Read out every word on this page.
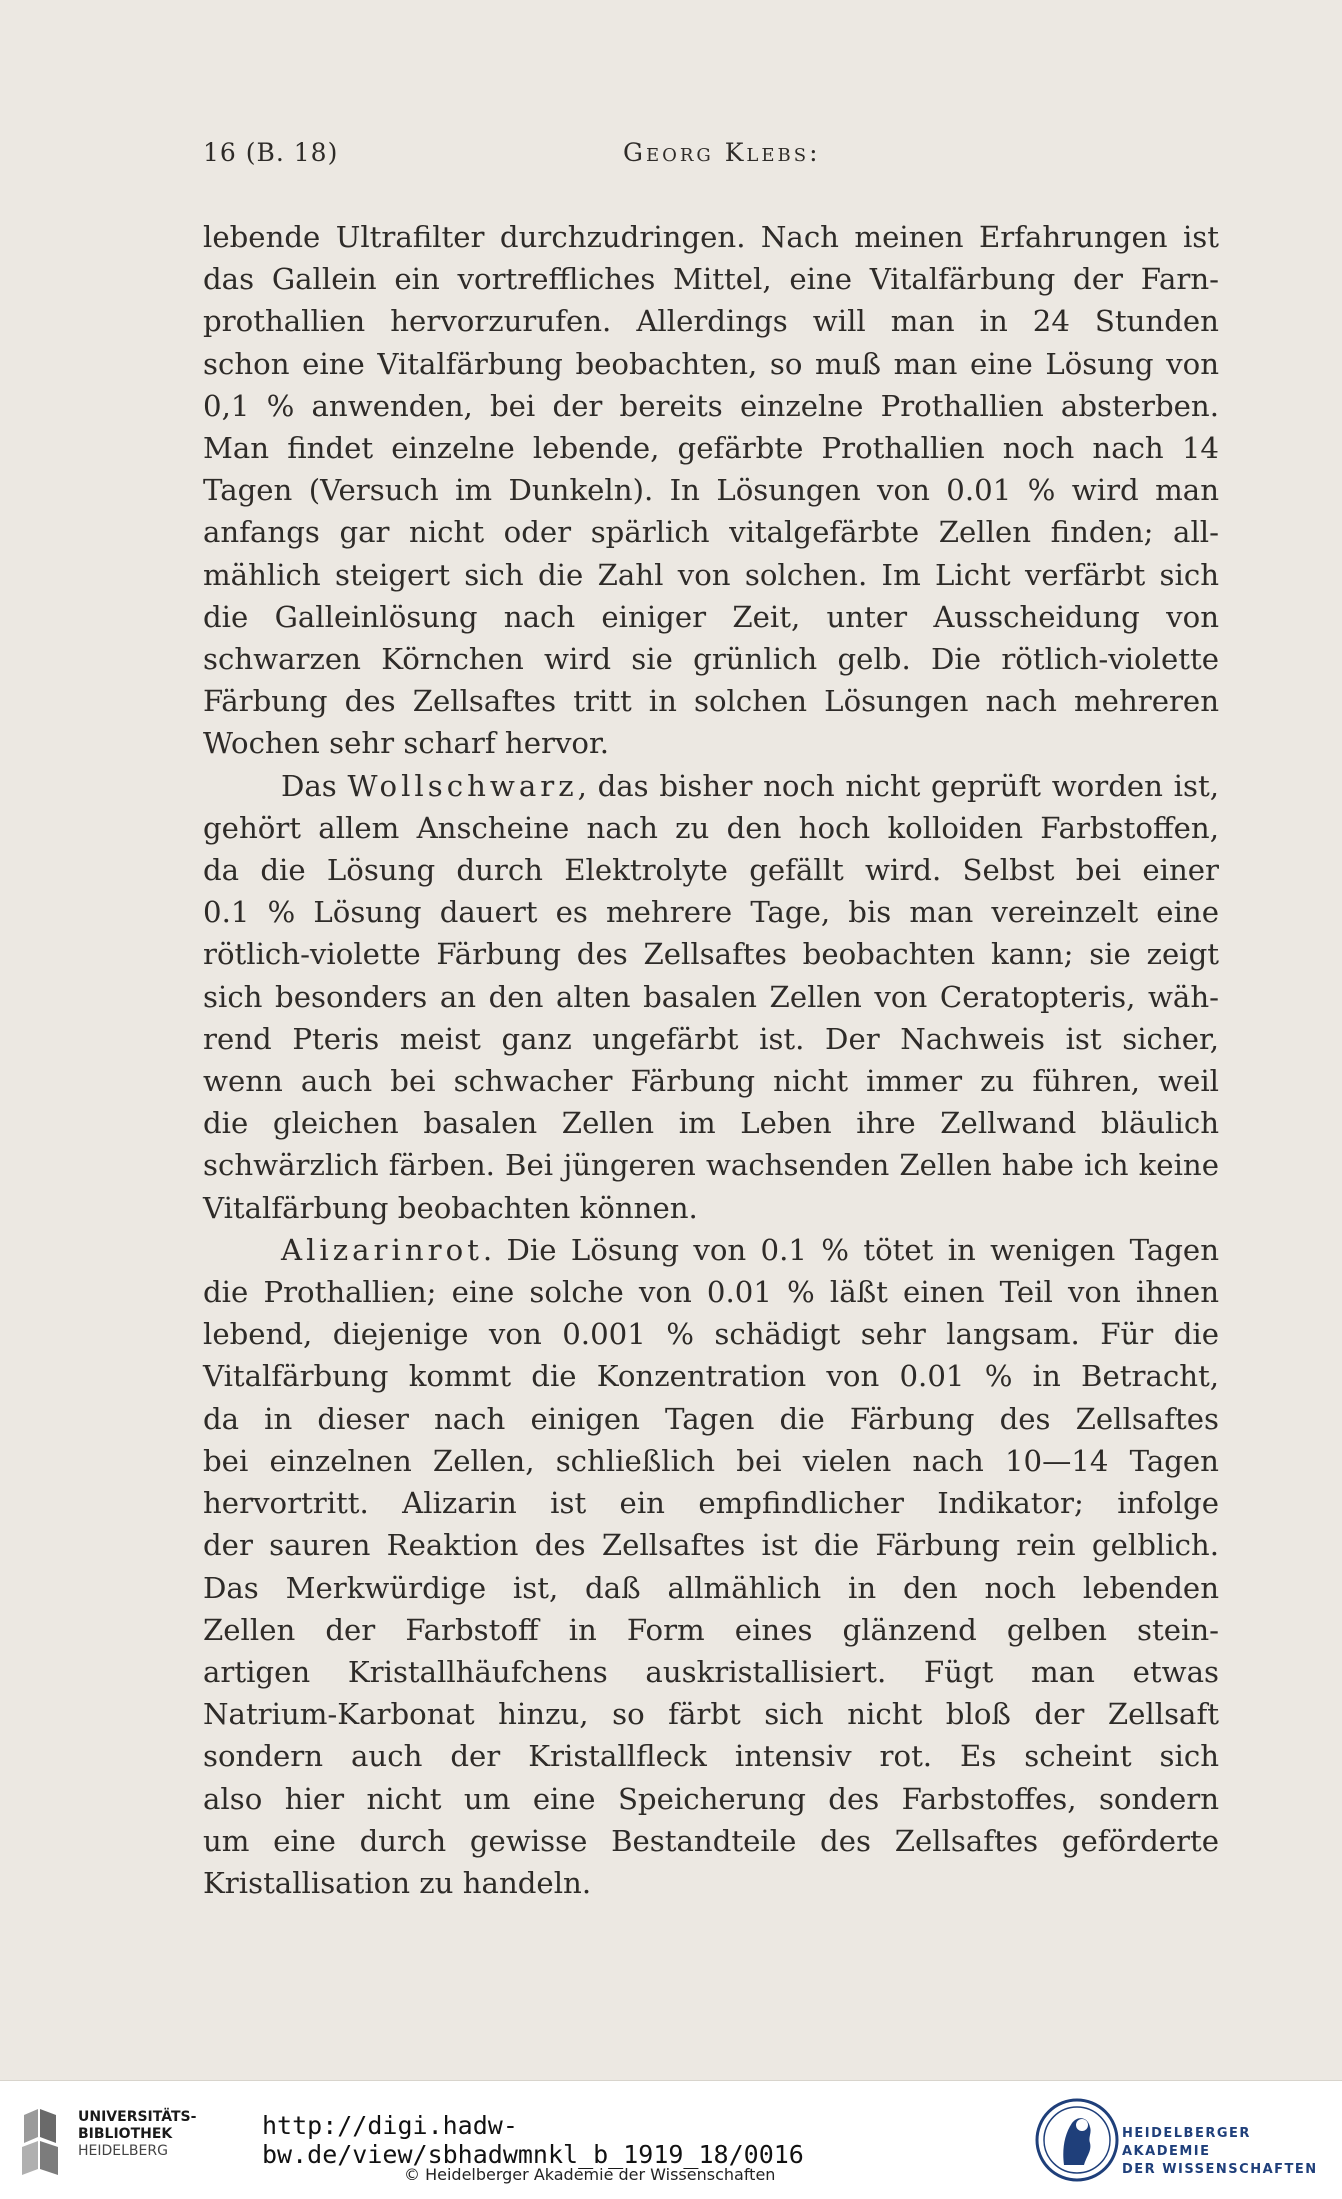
16 (B. 18)	Georg Klebs:

lebende Ultrafilter durchzudringen. Nach meinen Erfahrungen ist

das Gallein ein vortreffliches Mittel, eine Vitalfärbung der Farn-

prothallien hervorzurufen. Allerdings will man in 24 Stunden

schon eine Vitalfärbung beobachten, so muß man eine Lösung von

0,1 % anwenden, bei der bereits einzelne Prothallien absterben.

Man findet einzelne lebende, gefärbte Prothallien noch nach 14

Tagen (Versuch im Dunkeln). In Lösungen von 0.01 % wird man

anfangs gar nicht oder spärlich vitalgefärbte Zellen finden; all-

mählich steigert sich die Zahl von solchen. Im Licht verfärbt sich

die Galleinlösung nach einiger Zeit, unter Ausscheidung von

schwarzen Körnchen wird sie grünlich gelb. Die rötlich-violette

Färbung des Zellsaftes tritt in solchen Lösungen nach mehreren

Wochen sehr scharf hervor.

Das Wollschwarz, das bisher noch nicht geprüft worden ist,

gehört allem Anscheine nach zu den hoch kolloiden Farbstoffen,

da die Lösung durch Elektrolyte gefällt wird. Selbst bei einer

0.1 % Lösung dauert es mehrere Tage, bis man vereinzelt eine

rötlich-violette Färbung des Zellsaftes beobachten kann; sie zeigt

sich besonders an den alten basalen Zellen von Ceratopteris, wäh-

rend Pteris meist ganz ungefärbt ist. Der Nachweis ist sicher,

wenn auch bei schwacher Färbung nicht immer zu führen, weil

die gleichen basalen Zellen im Leben ihre Zellwand bläulich

schwärzlich färben. Bei jüngeren wachsenden Zellen habe ich keine

Vitalfärbung beobachten können.

Alizarinrot. Die Lösung von 0.1 % tötet in wenigen Tagen

die Prothallien; eine solche von 0.01 % läßt einen Teil von ihnen

lebend, diejenige von 0.001 % schädigt sehr langsam. Für die

Vitalfärbung kommt die Konzentration von 0.01 % in Betracht,

da in dieser nach einigen Tagen die Färbung des Zellsaftes

bei einzelnen Zellen, schließlich bei vielen nach 10—14 Tagen

hervortritt. Alizarin ist ein empfindlicher Indikator; infolge

der sauren Reaktion des Zellsaftes ist die Färbung rein gelblich.

Das Merkwürdige ist, daß allmählich in den noch lebenden

Zellen der Farbstoff in Form eines glänzend gelben stein-

artigen Kristallhäufchens auskristallisiert. Fügt man etwas

Natrium-Karbonat hinzu, so färbt sich nicht bloß der Zellsaft

sondern auch der Kristallfleck intensiv rot. Es scheint sich

also hier nicht um eine Speicherung des Farbstoffes, sondern

um eine durch gewisse Bestandteile des Zellsaftes geförderte

Kristallisation zu handeln.

UNIVERSITÄTS-
BIBLIOTHEK
HEIDELBERG
http://digi.hadw-bw.de/view/sbhadwmnkl_b_1919_18/0016
© Heidelberger Akademie der Wissenschaften
HEIDELBERGER AKADEMIE
DER WISSENSCHAFTEN
